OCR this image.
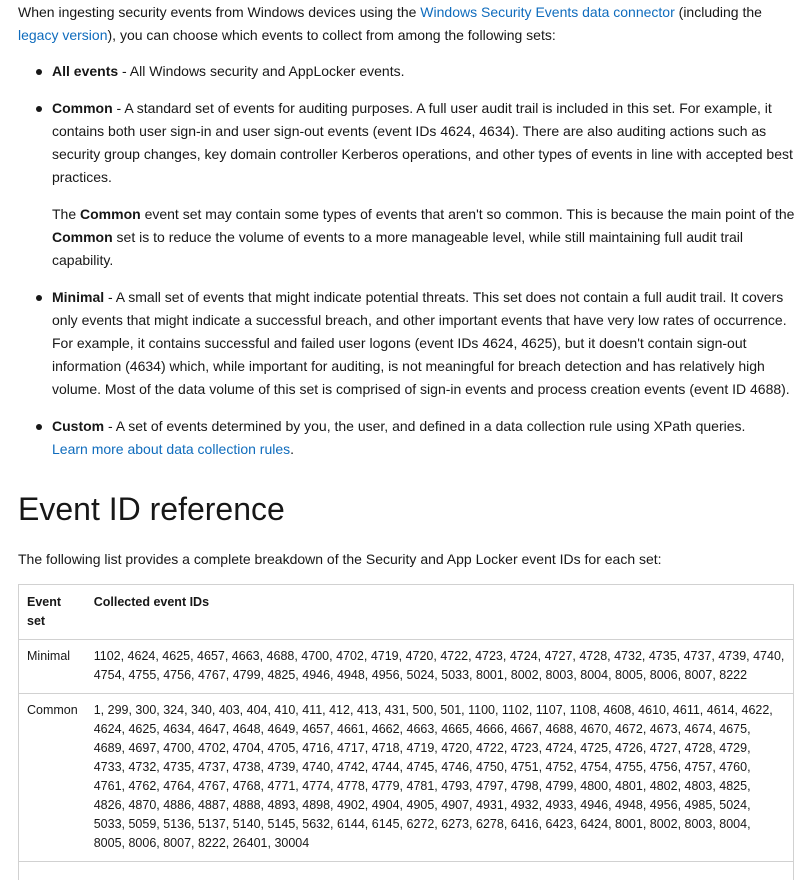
When ingesting security events from Windows devices using the Windows Security Events data connector (including the legacy version), you can choose which events to collect from among the following sets:

All events - All Windows security and AppLocker events.

Common - A standard set of events for auditing purposes. A full user audit trail is included in this set. For example, it contains both user sign-in and user sign-out events (event IDs 4624, 4634). There are also auditing actions such as security group changes, key domain controller Kerberos operations, and other types of events in line with accepted best practices.

The Common event set may contain some types of events that aren't so common. This is because the main point of the Common set is to reduce the volume of events to a more manageable level, while still maintaining full audit trail capability.

Minimal - A small set of events that might indicate potential threats. This set does not contain a full audit trail. It covers only events that might indicate a successful breach, and other important events that have very low rates of occurrence. For example, it contains successful and failed user logons (event IDs 4624, 4625), but it doesn't contain sign-out information (4634) which, while important for auditing, is not meaningful for breach detection and has relatively high volume. Most of the data volume of this set is comprised of sign-in events and process creation events (event ID 4688).

Custom - A set of events determined by you, the user, and defined in a data collection rule using XPath queries.
Learn more about data collection rules.

Event ID reference

The following list provides a complete breakdown of the Security and App Locker event IDs for each set:

Event set	Collected event IDs
Minimal	1102, 4624, 4625, 4657, 4663, 4688, 4700, 4702, 4719, 4720, 4722, 4723, 4724, 4727, 4728, 4732, 4735, 4737, 4739, 4740, 4754, 4755, 4756, 4767, 4799, 4825, 4946, 4948, 4956, 5024, 5033, 8001, 8002, 8003, 8004, 8005, 8006, 8007, 8222
Common	1, 299, 300, 324, 340, 403, 404, 410, 411, 412, 413, 431, 500, 501, 1100, 1102, 1107, 1108, 4608, 4610, 4611, 4614, 4622, 4624, 4625, 4634, 4647, 4648, 4649, 4657, 4661, 4662, 4663, 4665, 4666, 4667, 4688, 4670, 4672, 4673, 4674, 4675, 4689, 4697, 4700, 4702, 4704, 4705, 4716, 4717, 4718, 4719, 4720, 4722, 4723, 4724, 4725, 4726, 4727, 4728, 4729, 4733, 4732, 4735, 4737, 4738, 4739, 4740, 4742, 4744, 4745, 4746, 4750, 4751, 4752, 4754, 4755, 4756, 4757, 4760, 4761, 4762, 4764, 4767, 4768, 4771, 4774, 4778, 4779, 4781, 4793, 4797, 4798, 4799, 4800, 4801, 4802, 4803, 4825, 4826, 4870, 4886, 4887, 4888, 4893, 4898, 4902, 4904, 4905, 4907, 4931, 4932, 4933, 4946, 4948, 4956, 4985, 5024, 5033, 5059, 5136, 5137, 5140, 5145, 5632, 6144, 6145, 6272, 6273, 6278, 6416, 6423, 6424, 8001, 8002, 8003, 8004, 8005, 8006, 8007, 8222, 26401, 30004
